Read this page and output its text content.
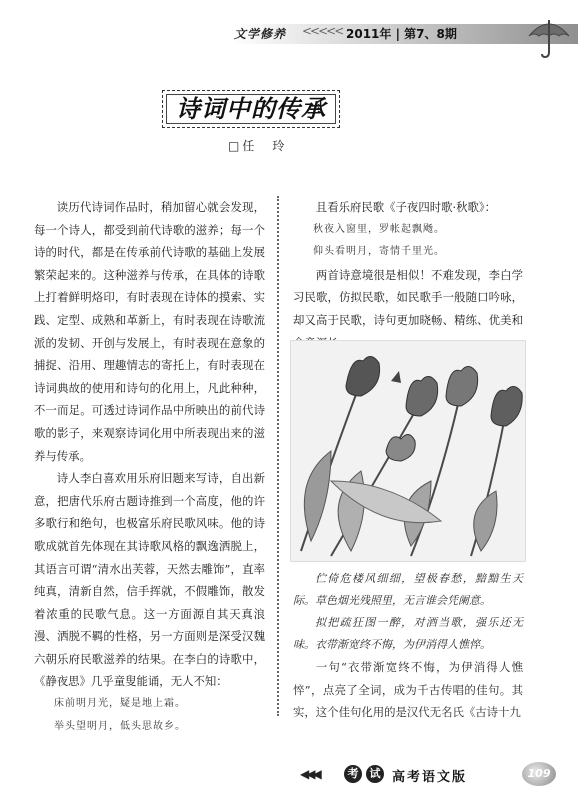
文学修养 <<<<< 2011年 | 第7、8期
诗词中的传承
□任　玲

读历代诗词作品时，稍加留心就会发现，每一个诗人，都受到前代诗歌的滋养；每一个诗的时代，都是在传承前代诗歌的基础上发展繁荣起来的。这种滋养与传承，在具体的诗歌上打着鲜明烙印，有时表现在诗体的摸索、实践、定型、成熟和革新上，有时表现在诗歌流派的发韧、开创与发展上，有时表现在意象的捕捉、沿用、理趣情志的寄托上，有时表现在诗词典故的使用和诗句的化用上，凡此种种，不一而足。可透过诗词作品中所映出的前代诗歌的影子，来观察诗词化用中所表现出来的滋养与传承。

诗人李白喜欢用乐府旧题来写诗，自出新意，把唐代乐府古题诗推到一个高度，他的许多歌行和绝句，也极富乐府民歌风味。他的诗歌成就首先体现在其诗歌风格的飘逸洒脱上，其语言可谓“清水出芙蓉，天然去雕饰”，直率纯真，清新自然，信手挥就，不假雕饰，散发着浓重的民歌气息。这一方面源自其天真浪漫、洒脱不羁的性格，另一方面则是深受汉魏六朝乐府民歌滋养的结果。在李白的诗歌中，《静夜思》几乎童叟能诵，无人不知：

床前明月光，疑是地上霜。

举头望明月，低头思故乡。

且看乐府民歌《子夜四时歌·秋歌》：

秋夜入窗里，罗帐起飘飏。

仰头看明月，寄情千里光。

两首诗意境很是相似！不难发现，李白学习民歌，仿拟民歌，如民歌手一般随口吟咏，却又高于民歌，诗句更加晓畅、精练、优美和

伫倚危楼风细细，望极春愁，黯黯生天际。草色烟光残照里，无言谁会凭阑意。

拟把疏狂图一醉，对酒当歌，强乐还无味。衣带渐宽终不悔，为伊消得人憔悴。

一句“衣带渐宽终不悔，为伊消得人憔悴”，点亮了全词，成为千古传唱的佳句。其实，这个佳句化用的是汉代无名氏《古诗十九

◀◀◀	考	试 高考语文版	109
